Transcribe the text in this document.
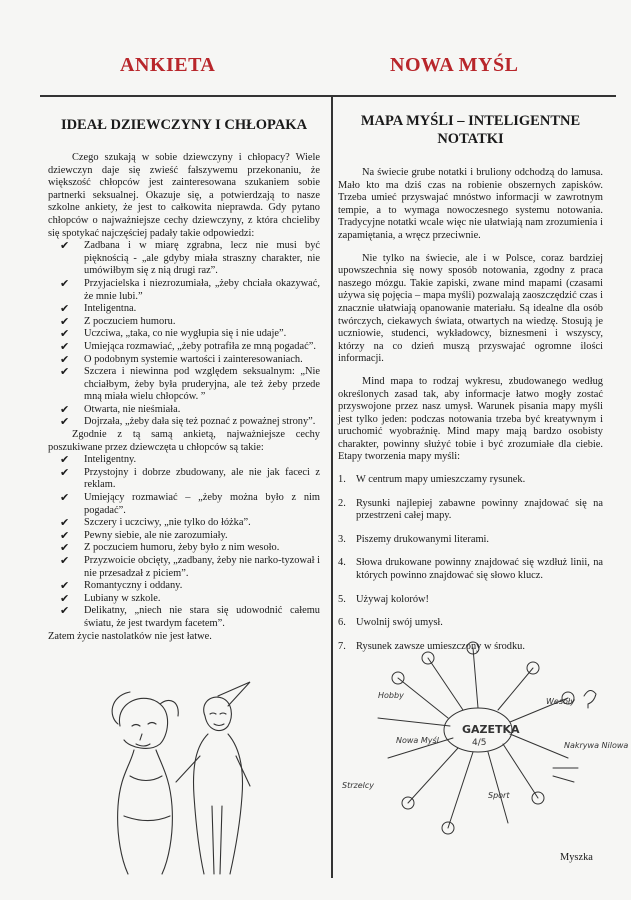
ANKIETA	NOWA MYŚL
IDEAŁ DZIEWCZYNY I CHŁOPAKA

Czego szukają w sobie dziewczyny i chłopacy? Wiele dziewczyn daje się zwieść fałszywemu przekonaniu, że większość chłopców jest zainteresowana szukaniem sobie partnerki seksualnej. Okazuje się, a potwierdzają to nasze szkolne ankiety, że jest to całkowita nieprawda. Gdy pytano chłopców o najważniejsze cechy dziewczyny, z która chcieliby się spotykać najczęściej padały takie odpowiedzi:

✔ Zadbana i w miarę zgrabna, lecz nie musi być pięknością - „ale gdyby miała straszny charakter, nie umówiłbym się z nią drugi raz”.
✔ Przyjacielska i niezrozumiała, „żeby chciała okazywać, że mnie lubi.”
✔ Inteligentna.
✔ Z poczuciem humoru.
✔ Uczciwa, „taka, co nie wygłupia się i nie udaje”.
✔ Umiejąca rozmawiać, „żeby potrafiła ze mną pogadać”.
✔ O podobnym systemie wartości i zainteresowaniach.
✔ Szczera i niewinna pod względem seksualnym: „Nie chciałbym, żeby była pruderyjna, ale też żeby przede mną miała wielu chłopców. ”
✔ Otwarta, nie nieśmiała.
✔ Dojrzała, „żeby dała się też poznać z poważnej strony”.

Zgodnie z tą samą ankietą, najważniejsze cechy poszukiwane przez dziewczęta u chłopców są takie:

✔ Inteligentny.
✔ Przystojny i dobrze zbudowany, ale nie jak faceci z reklam.
✔ Umiejący rozmawiać – „żeby można było z nim pogadać”.
✔ Szczery i uczciwy, „nie tylko do łóżka”.
✔ Pewny siebie, ale nie zarozumiały.
✔ Z poczuciem humoru, żeby było z nim wesoło.
✔ Przyzwoicie obcięty, „zadbany, żeby nie narko-tyzował i nie przesadzał z piciem”.
✔ Romantyczny i oddany.
✔ Lubiany w szkole.
✔ Delikatny, „niech nie stara się udowodnić całemu światu, że jest twardym facetem”.

Zatem życie nastolatków nie jest łatwe.

MAPA MYŚLI – INTELIGENTNE NOTATKI

Na świecie grube notatki i bruliony odchodzą do lamusa. Mało kto ma dziś czas na robienie obszernych zapisków. Trzeba umieć przyswajać mnóstwo informacji w zawrotnym tempie, a to wymaga nowoczesnego systemu notowania. Tradycyjne notatki wcale więc nie ułatwiają nam zrozumienia i zapamiętania, a wręcz przeciwnie.

Nie tylko na świecie, ale i w Polsce, coraz bardziej upowszechnia się nowy sposób notowania, zgodny z praca naszego mózgu. Takie zapiski, zwane mind mapami (czasami używa się pojęcia – mapa myśli) pozwalają zaoszczędzić czas i znacznie ułatwiają opanowanie materiału. Są idealne dla osób twórczych, ciekawych świata, otwartych na wiedzę. Stosują je uczniowie, studenci, wykładowcy, biznesmeni i wszyscy, którzy na co dzień muszą przyswajać ogromne ilości informacji.

Mind mapa to rodzaj wykresu, zbudowanego według określonych zasad tak, aby informacje łatwo mogły zostać przyswojone przez nasz umysł. Warunek pisania mapy myśli jest tylko jeden: podczas notowania trzeba być kreatywnym i uruchomić wyobraźnię. Mind mapy mają bardzo osobisty charakter, powinny służyć tobie i być zrozumiałe dla ciebie. Etapy tworzenia mapy myśli:

1. W centrum mapy umieszczamy rysunek.
2. Rysunki najlepiej zabawne powinny znajdować się na przestrzeni całej mapy.
3. Piszemy drukowanymi literami.
4. Słowa drukowane powinny znajdować się wzdłuż linii, na których powinno znajdować się słowo klucz.
5. Używaj kolorów!
6. Uwolnij swój umysł.
7. Rysunek zawsze umieszczony w środku.
GAZETKA
4/5
Wesoły
Nowa Myśl
Nakrywa Nilowa
Sport
Strzelcy
Hobby
Myszka
